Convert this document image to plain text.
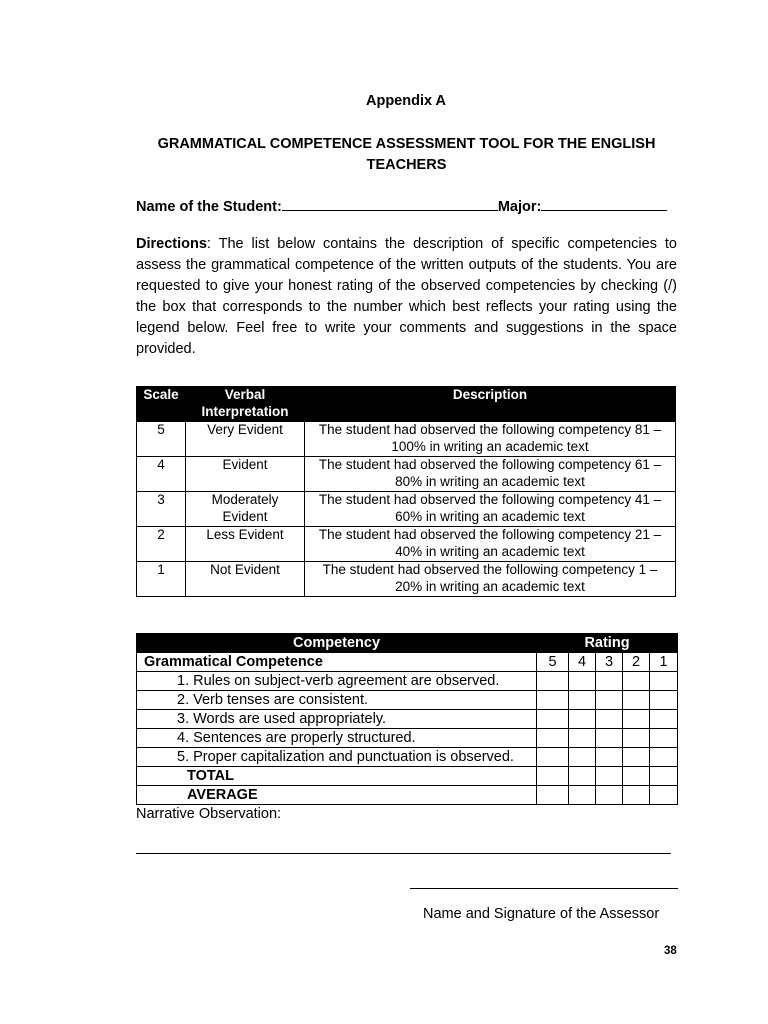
Appendix A
GRAMMATICAL COMPETENCE ASSESSMENT TOOL FOR THE ENGLISH TEACHERS
Name of the Student:	Major:
Directions: The list below contains the description of specific competencies to assess the grammatical competence of the written outputs of the students. You are requested to give your honest rating of the observed competencies by checking (/) the box that corresponds to the number which best reflects your rating using the legend below. Feel free to write your comments and suggestions in the space provided.
Scale	Verbal Interpretation	Description
5	Very Evident	The student had observed the following competency 81 – 100% in writing an academic text
4	Evident	The student had observed the following competency 61 – 80% in writing an academic text
3	Moderately Evident	The student had observed the following competency 41 – 60% in writing an academic text
2	Less Evident	The student had observed the following competency 21 – 40% in writing an academic text
1	Not Evident	The student had observed the following competency 1 – 20% in writing an academic text
Competency	Rating				
Grammatical Competence	5	4	3	2	1
1. Rules on subject-verb agreement are observed.					
2. Verb tenses are consistent.					
3. Words are used appropriately.					
4. Sentences are properly structured.					
5. Proper capitalization and punctuation is observed.					
TOTAL					
AVERAGE					
Narrative Observation:
Name and Signature of the Assessor
38
